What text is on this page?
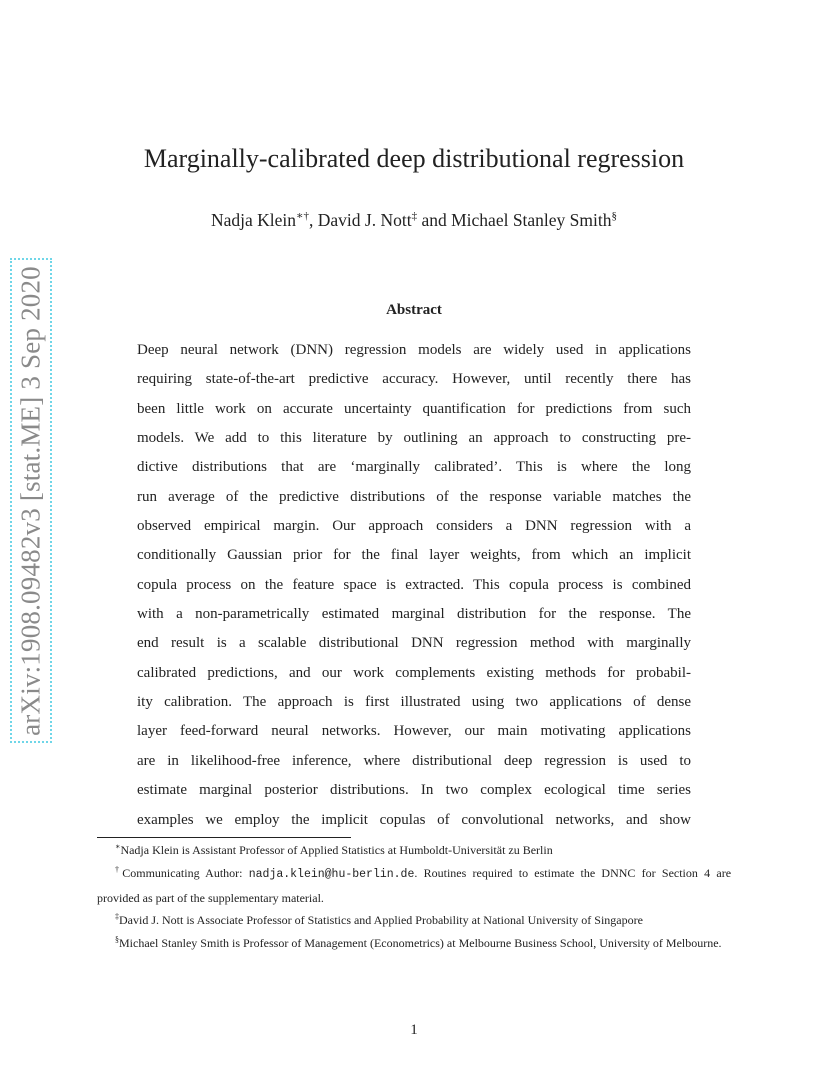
arXiv:1908.09482v3 [stat.ME] 3 Sep 2020
Marginally-calibrated deep distributional regression
Nadja Klein∗†, David J. Nott‡ and Michael Stanley Smith§
Abstract
Deep neural network (DNN) regression models are widely used in applications
requiring state-of-the-art predictive accuracy. However, until recently there has
been little work on accurate uncertainty quantification for predictions from such
models. We add to this literature by outlining an approach to constructing pre-
dictive distributions that are ‘marginally calibrated’. This is where the long
run average of the predictive distributions of the response variable matches the
observed empirical margin. Our approach considers a DNN regression with a
conditionally Gaussian prior for the final layer weights, from which an implicit
copula process on the feature space is extracted. This copula process is combined
with a non-parametrically estimated marginal distribution for the response. The
end result is a scalable distributional DNN regression method with marginally
calibrated predictions, and our work complements existing methods for probabil-
ity calibration. The approach is first illustrated using two applications of dense
layer feed-forward neural networks. However, our main motivating applications
are in likelihood-free inference, where distributional deep regression is used to
estimate marginal posterior distributions. In two complex ecological time series
examples we employ the implicit copulas of convolutional networks, and show
∗Nadja Klein is Assistant Professor of Applied Statistics at Humboldt-Universität zu Berlin
†Communicating Author: nadja.klein@hu-berlin.de. Routines required to estimate the DNNC for Section 4 are provided as part of the supplementary material.
‡David J. Nott is Associate Professor of Statistics and Applied Probability at National University of Singapore
§Michael Stanley Smith is Professor of Management (Econometrics) at Melbourne Business School, University of Melbourne.
1
